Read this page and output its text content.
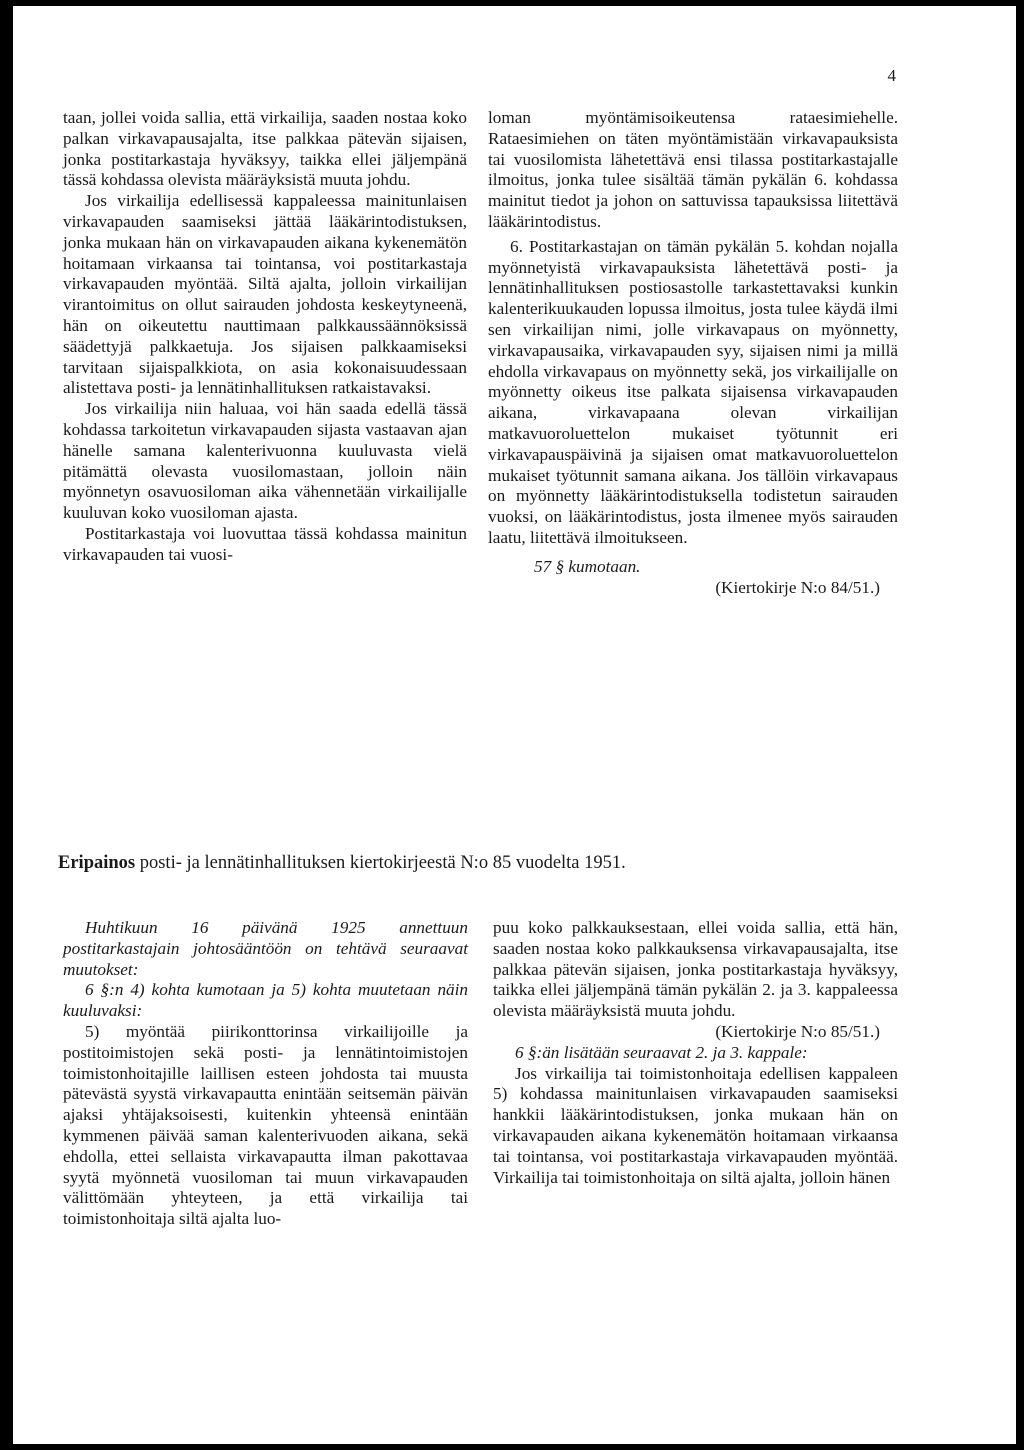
4

taan, jollei voida sallia, että virkailija, saaden nostaa koko palkan virkavapausajalta, itse palkkaa pätevän sijaisen, jonka postitarkastaja hyväksyy, taikka ellei jäljempänä tässä kohdassa olevista määräyksistä muuta johdu.

Jos virkailija edellisessä kappaleessa mainitunlaisen virkavapauden saamiseksi jättää lääkärintodistuksen, jonka mukaan hän on virkavapauden aikana kykenemätön hoitamaan virkaansa tai tointansa, voi postitarkastaja virkavapauden myöntää. Siltä ajalta, jolloin virkailijan virantoimitus on ollut sairauden johdosta keskeytyneenä, hän on oikeutettu nauttimaan palkkaussäännöksissä säädettyjä palkkaetuja. Jos sijaisen palkkaamiseksi tarvitaan sijaispalkkiota, on asia kokonaisuudessaan alistettava posti- ja lennätinhallituksen ratkaistavaksi.

Jos virkailija niin haluaa, voi hän saada edellä tässä kohdassa tarkoitetun virkavapauden sijasta vastaavan ajan hänelle samana kalenterivuonna kuuluvasta vielä pitämättä olevasta vuosilomastaan, jolloin näin myönnetyn osavuosiloman aika vähennetään virkailijalle kuuluvan koko vuosiloman ajasta.

Postitarkastaja voi luovuttaa tässä kohdassa mainitun virkavapauden tai vuosi-

loman myöntämisoikeutensa rataesimiehelle. Rataesimiehen on täten myöntämistään virkavapauksista tai vuosilomista lähetettävä ensi tilassa postitarkastajalle ilmoitus, jonka tulee sisältää tämän pykälän 6. kohdassa mainitut tiedot ja johon on sattuvissa tapauksissa liitettävä lääkärintodistus.

6. Postitarkastajan on tämän pykälän 5. kohdan nojalla myönnetyistä virkavapauksista lähetettävä posti- ja lennätinhallituksen postiosastolle tarkastettavaksi kunkin kalenterikuukauden lopussa ilmoitus, josta tulee käydä ilmi sen virkailijan nimi, jolle virkavapaus on myönnetty, virkavapausaika, virkavapauden syy, sijaisen nimi ja millä ehdolla virkavapaus on myönnetty sekä, jos virkailijalle on myönnetty oikeus itse palkata sijaisensa virkavapauden aikana, virkavapaana olevan virkailijan matkavuoroluettelon mukaiset työtunnit eri virkavapauspäivinä ja sijaisen omat matkavuoroluettelon mukaiset työtunnit samana aikana. Jos tällöin virkavapaus on myönnetty lääkärintodistuksella todistetun sairauden vuoksi, on lääkärintodistus, josta ilmenee myös sairauden laatu, liitettävä ilmoitukseen.

57 § kumotaan.

(Kiertokirje N:o 84/51.)

Eripainos posti- ja lennätinhallituksen kiertokirjeestä N:o 85 vuodelta 1951.

Huhtikuun 16 päivänä 1925 annettuun postitarkastajain johtosääntöön on tehtävä seuraavat muutokset:

6 §:n 4) kohta kumotaan ja 5) kohta muutetaan näin kuuluvaksi:

5) myöntää piirikonttorinsa virkailijoille ja postitoimistojen sekä posti- ja lennätintoimistojen toimistonhoitajille laillisen esteen johdosta tai muusta pätevästä syystä virkavapautta enintään seitsemän päivän ajaksi yhtäjaksoisesti, kuitenkin yhteensä enintään kymmenen päivää saman kalenterivuoden aikana, sekä ehdolla, ettei sellaista virkavapautta ilman pakottavaa syytä myönnetä vuosiloman tai muun virkavapauden välittömään yhteyteen, ja että virkailija tai toimistonhoitaja siltä ajalta luo-

puu koko palkkauksestaan, ellei voida sallia, että hän, saaden nostaa koko palkkauksensa virkavapausajalta, itse palkkaa pätevän sijaisen, jonka postitarkastaja hyväksyy, taikka ellei jäljempänä tämän pykälän 2. ja 3. kappaleessa olevista määräyksistä muuta johdu.

(Kiertokirje N:o 85/51.)

6 §:än lisätään seuraavat 2. ja 3. kappale:

Jos virkailija tai toimistonhoitaja edellisen kappaleen 5) kohdassa mainitunlaisen virkavapauden saamiseksi hankkii lääkärintodistuksen, jonka mukaan hän on virkavapauden aikana kykenemätön hoitamaan virkaansa tai tointansa, voi postitarkastaja virkavapauden myöntää. Virkailija tai toimistonhoitaja on siltä ajalta, jolloin hänen
